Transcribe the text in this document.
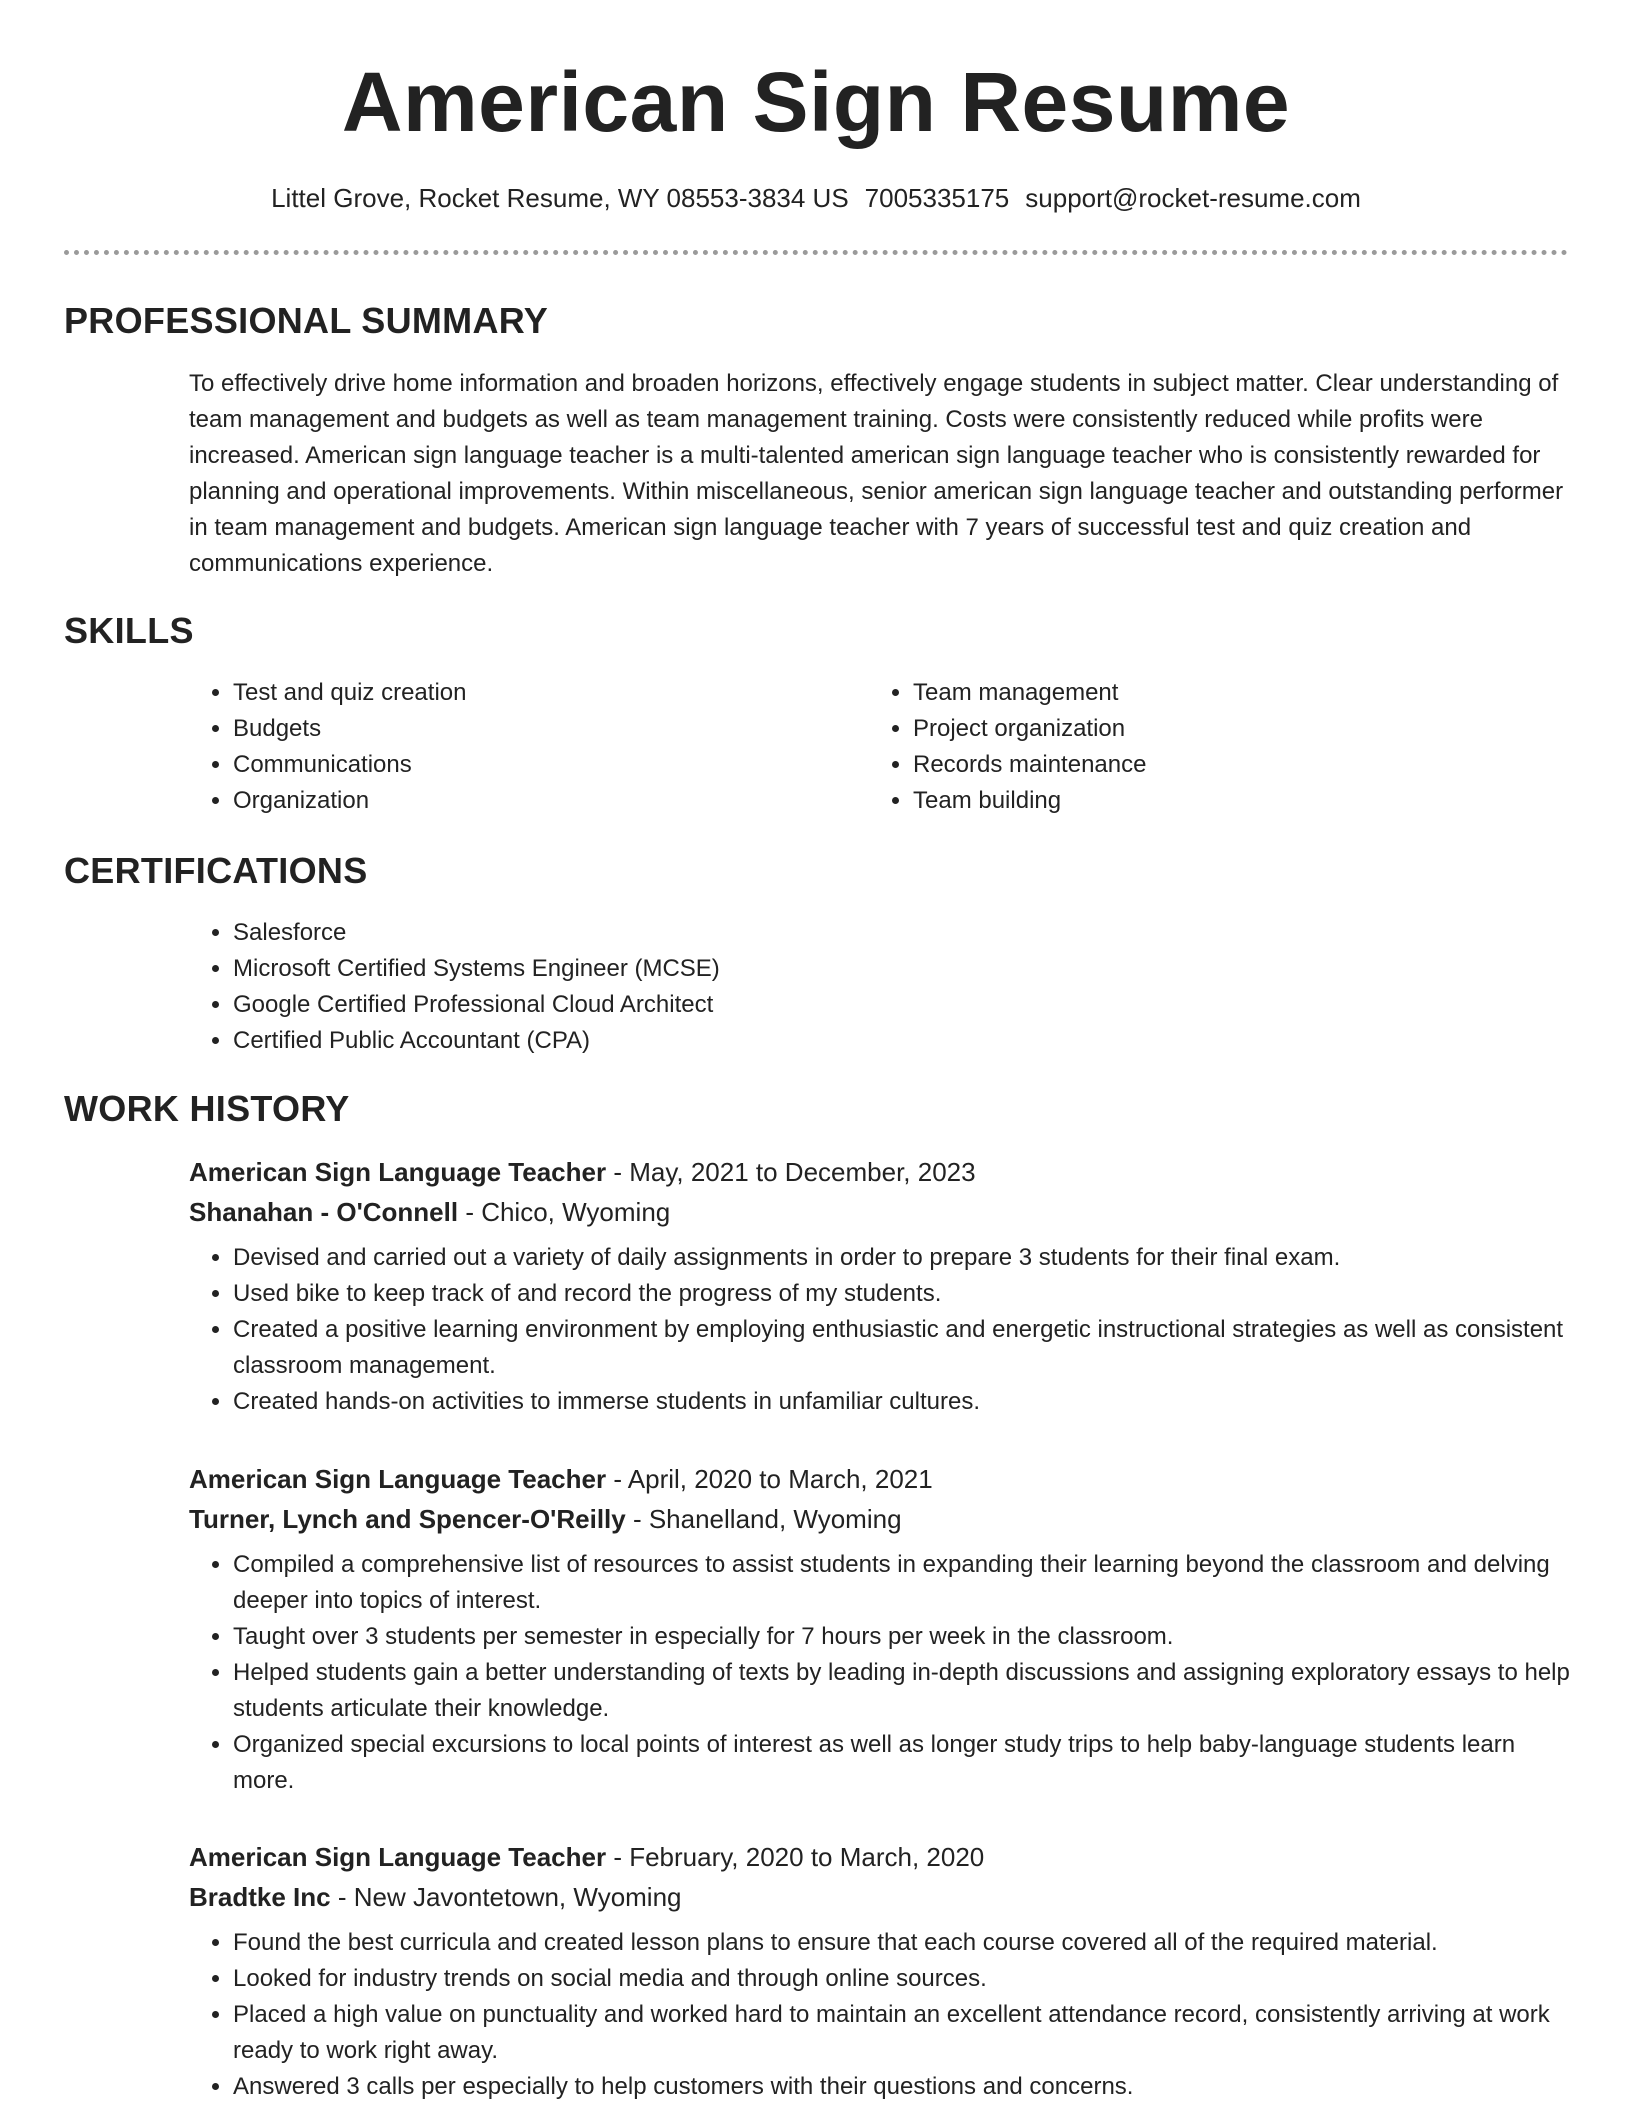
American Sign Resume
Littel Grove, Rocket Resume, WY 08553-3834 US 7005335175 support@rocket-resume.com
PROFESSIONAL SUMMARY
To effectively drive home information and broaden horizons, effectively engage students in subject matter. Clear understanding of team management and budgets as well as team management training. Costs were consistently reduced while profits were increased. American sign language teacher is a multi-talented american sign language teacher who is consistently rewarded for planning and operational improvements. Within miscellaneous, senior american sign language teacher and outstanding performer in team management and budgets. American sign language teacher with 7 years of successful test and quiz creation and communications experience.
SKILLS
• Test and quiz creation
• Budgets
• Communications
• Organization
• Team management
• Project organization
• Records maintenance
• Team building
CERTIFICATIONS
• Salesforce
• Microsoft Certified Systems Engineer (MCSE)
• Google Certified Professional Cloud Architect
• Certified Public Accountant (CPA)
WORK HISTORY
American Sign Language Teacher - May, 2021 to December, 2023
Shanahan - O'Connell - Chico, Wyoming
• Devised and carried out a variety of daily assignments in order to prepare 3 students for their final exam.
• Used bike to keep track of and record the progress of my students.
• Created a positive learning environment by employing enthusiastic and energetic instructional strategies as well as consistent classroom management.
• Created hands-on activities to immerse students in unfamiliar cultures.
American Sign Language Teacher - April, 2020 to March, 2021
Turner, Lynch and Spencer-O'Reilly - Shanelland, Wyoming
• Compiled a comprehensive list of resources to assist students in expanding their learning beyond the classroom and delving deeper into topics of interest.
• Taught over 3 students per semester in especially for 7 hours per week in the classroom.
• Helped students gain a better understanding of texts by leading in-depth discussions and assigning exploratory essays to help students articulate their knowledge.
• Organized special excursions to local points of interest as well as longer study trips to help baby-language students learn more.
American Sign Language Teacher - February, 2020 to March, 2020
Bradtke Inc - New Javontetown, Wyoming
• Found the best curricula and created lesson plans to ensure that each course covered all of the required material.
• Looked for industry trends on social media and through online sources.
• Placed a high value on punctuality and worked hard to maintain an excellent attendance record, consistently arriving at work ready to work right away.
• Answered 3 calls per especially to help customers with their questions and concerns.
